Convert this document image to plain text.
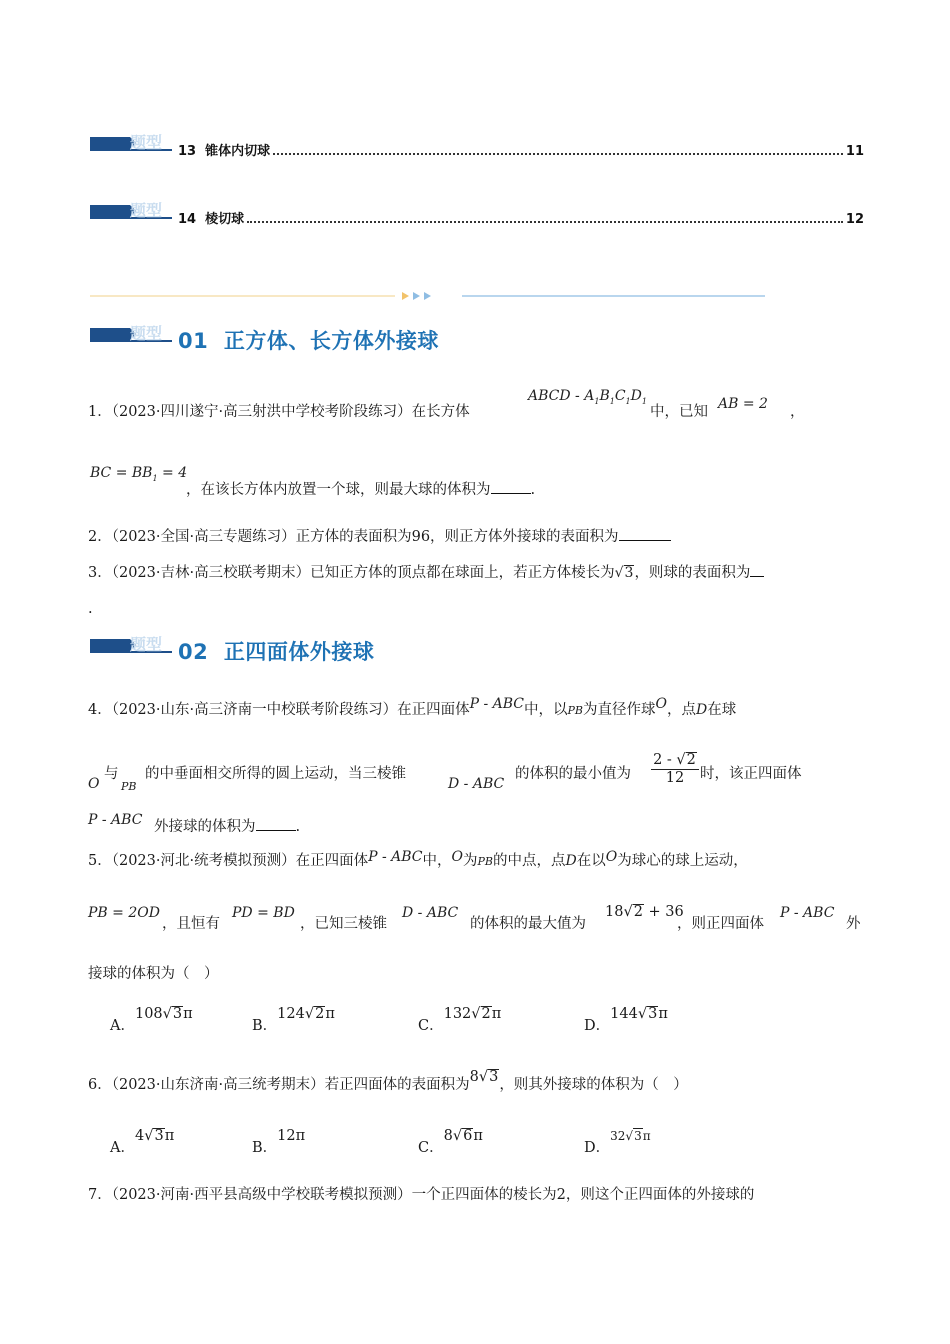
题型 13
锥体内切球	11
题型 14
棱切球	12
题型 01 正方体、长方体外接球
1．（2023·四川遂宁·高三射洪中学校考阶段练习）在长方体
ABCD - $A_1B_1C_1D_1$
中，已知 AB = 2 ，
BC = $BB_1 = 4$
，在该长方体内放置一个球，则最大球的体积为	.
2．（2023·全国·高三专题练习）正方体的表面积为96，则正方体外接球的表面积为
3．（2023·吉林·高三校联考期末）已知正方体的顶点都在球面上，若正方体棱长为√3，则球的表面积为
.
题型 02 正四面体外接球
4．（2023·山东·高三济南一中校联考阶段练习）在正四面体P - ABC中，以PB为直径作球O，点D在球
O
与
PB
的中垂面相交所得的圆上运动，当三棱锥
D - ABC
的体积的最小值为 $\frac{2 - √2}{12}$ 时，该正四面体
P - ABC 外接球的体积为	.
5．（2023·河北·统考模拟预测）在正四面体P - ABC中，O为PB的中点，点D在以O为球心的球上运动，
PB = 2OD
，且恒有
PD = BD
，已知三棱锥
D - ABC
的体积的最大值为
18√2 + 36
，则正四面体
P - ABC
外
接球的体积为（　）
A．108√3π
B．124√2π
C．132√2π
D．144√3π
6．（2023·山东济南·高三统考期末）若正四面体的表面积为8√3，则其外接球的体积为（　）
A．4√3π
B．12π
C．8√6π
D．32√3π
7．（2023·河南·西平县高级中学校联考模拟预测）一个正四面体的棱长为2，则这个正四面体的外接球的
